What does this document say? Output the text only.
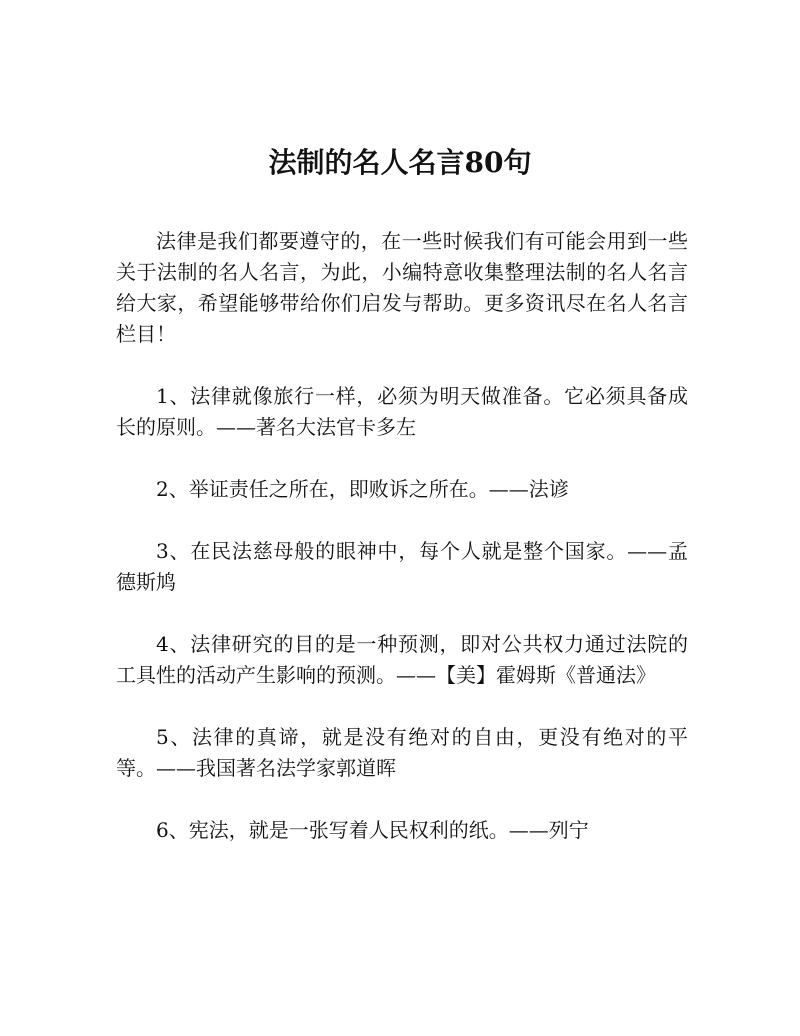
法制的名人名言80句

法律是我们都要遵守的，在一些时候我们有可能会用到一些关于法制的名人名言，为此，小编特意收集整理法制的名人名言给大家，希望能够带给你们启发与帮助。更多资讯尽在名人名言栏目！

1、法律就像旅行一样，必须为明天做准备。它必须具备成长的原则。——著名大法官卡多左

2、举证责任之所在，即败诉之所在。——法谚

3、在民法慈母般的眼神中，每个人就是整个国家。——孟德斯鸠

4、法律研究的目的是一种预测，即对公共权力通过法院的工具性的活动产生影响的预测。——【美】霍姆斯《普通法》

5、法律的真谛，就是没有绝对的自由，更没有绝对的平等。——我国著名法学家郭道晖

6、宪法，就是一张写着人民权利的纸。——列宁
